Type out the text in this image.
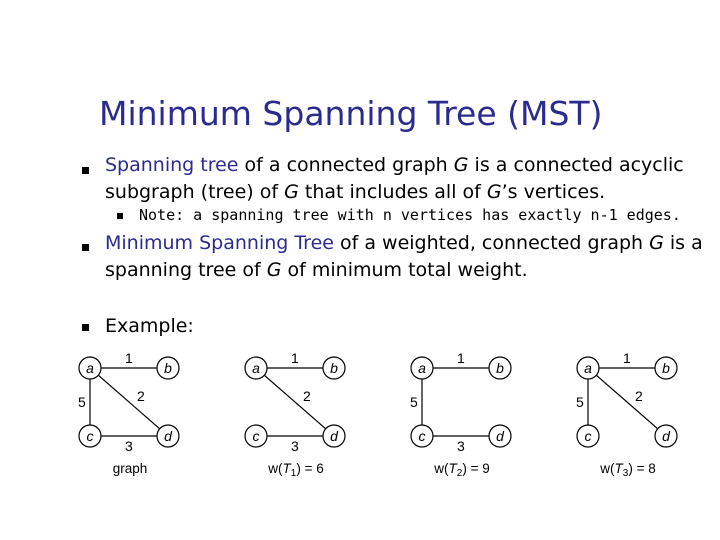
Minimum Spanning Tree (MST)
Spanning tree of a connected graph G is a connected acyclic
subgraph (tree) of G that includes all of G’s vertices.
Note: a spanning tree with n vertices has exactly n-1 edges.
Minimum Spanning Tree of a weighted, connected graph G is a
spanning tree of G of minimum total weight.
Example:
1
5	2
3
a	b
c	d
graph
1
2
3
a	b
c	d
$w(T_1) = 6$
1
5
3
a	b
c	d
$w(T_2) = 9$
1
5	2
a	b
c	d
$w(T_3) = 8$
